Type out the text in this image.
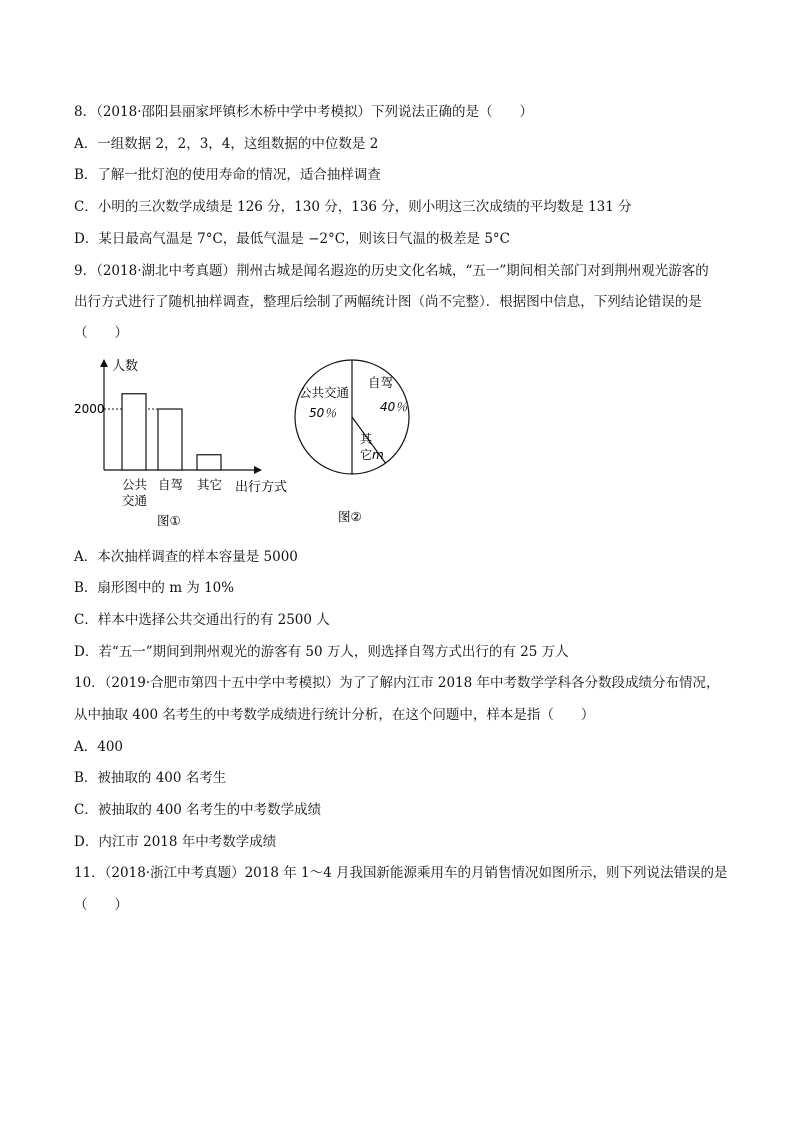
8．（2018·邵阳县丽家坪镇杉木桥中学中考模拟）下列说法正确的是（　　）
A．一组数据 2，2，3，4，这组数据的中位数是 2
B．了解一批灯泡的使用寿命的情况，适合抽样调查
C．小明的三次数学成绩是 126 分，130 分，136 分，则小明这三次成绩的平均数是 131 分
D．某日最高气温是 7°C，最低气温是 −2°C，则该日气温的极差是 5°C
9．（2018·湖北中考真题）荆州古城是闻名遐迩的历史文化名城，“五一”期间相关部门对到荆州观光游客的
出行方式进行了随机抽样调查，整理后绘制了两幅统计图（尚不完整）．根据图中信息，下列结论错误的是
（　　）
人数
出行方式
2000
公共
交通
自驾 其它
图①
公共交通
50％
自驾
40％
其
它 m
图②
A．本次抽样调查的样本容量是 5000
B．扇形图中的 m 为 10%
C．样本中选择公共交通出行的有 2500 人
D．若“五一”期间到荆州观光的游客有 50 万人，则选择自驾方式出行的有 25 万人
10．（2019·合肥市第四十五中学中考模拟）为了了解内江市 2018 年中考数学学科各分数段成绩分布情况，
从中抽取 400 名考生的中考数学成绩进行统计分析，在这个问题中，样本是指（　　）
A．400
B．被抽取的 400 名考生
C．被抽取的 400 名考生的中考数学成绩
D．内江市 2018 年中考数学成绩
11．（2018·浙江中考真题）2018 年 1～4 月我国新能源乘用车的月销售情况如图所示，则下列说法错误的是
（　　）
